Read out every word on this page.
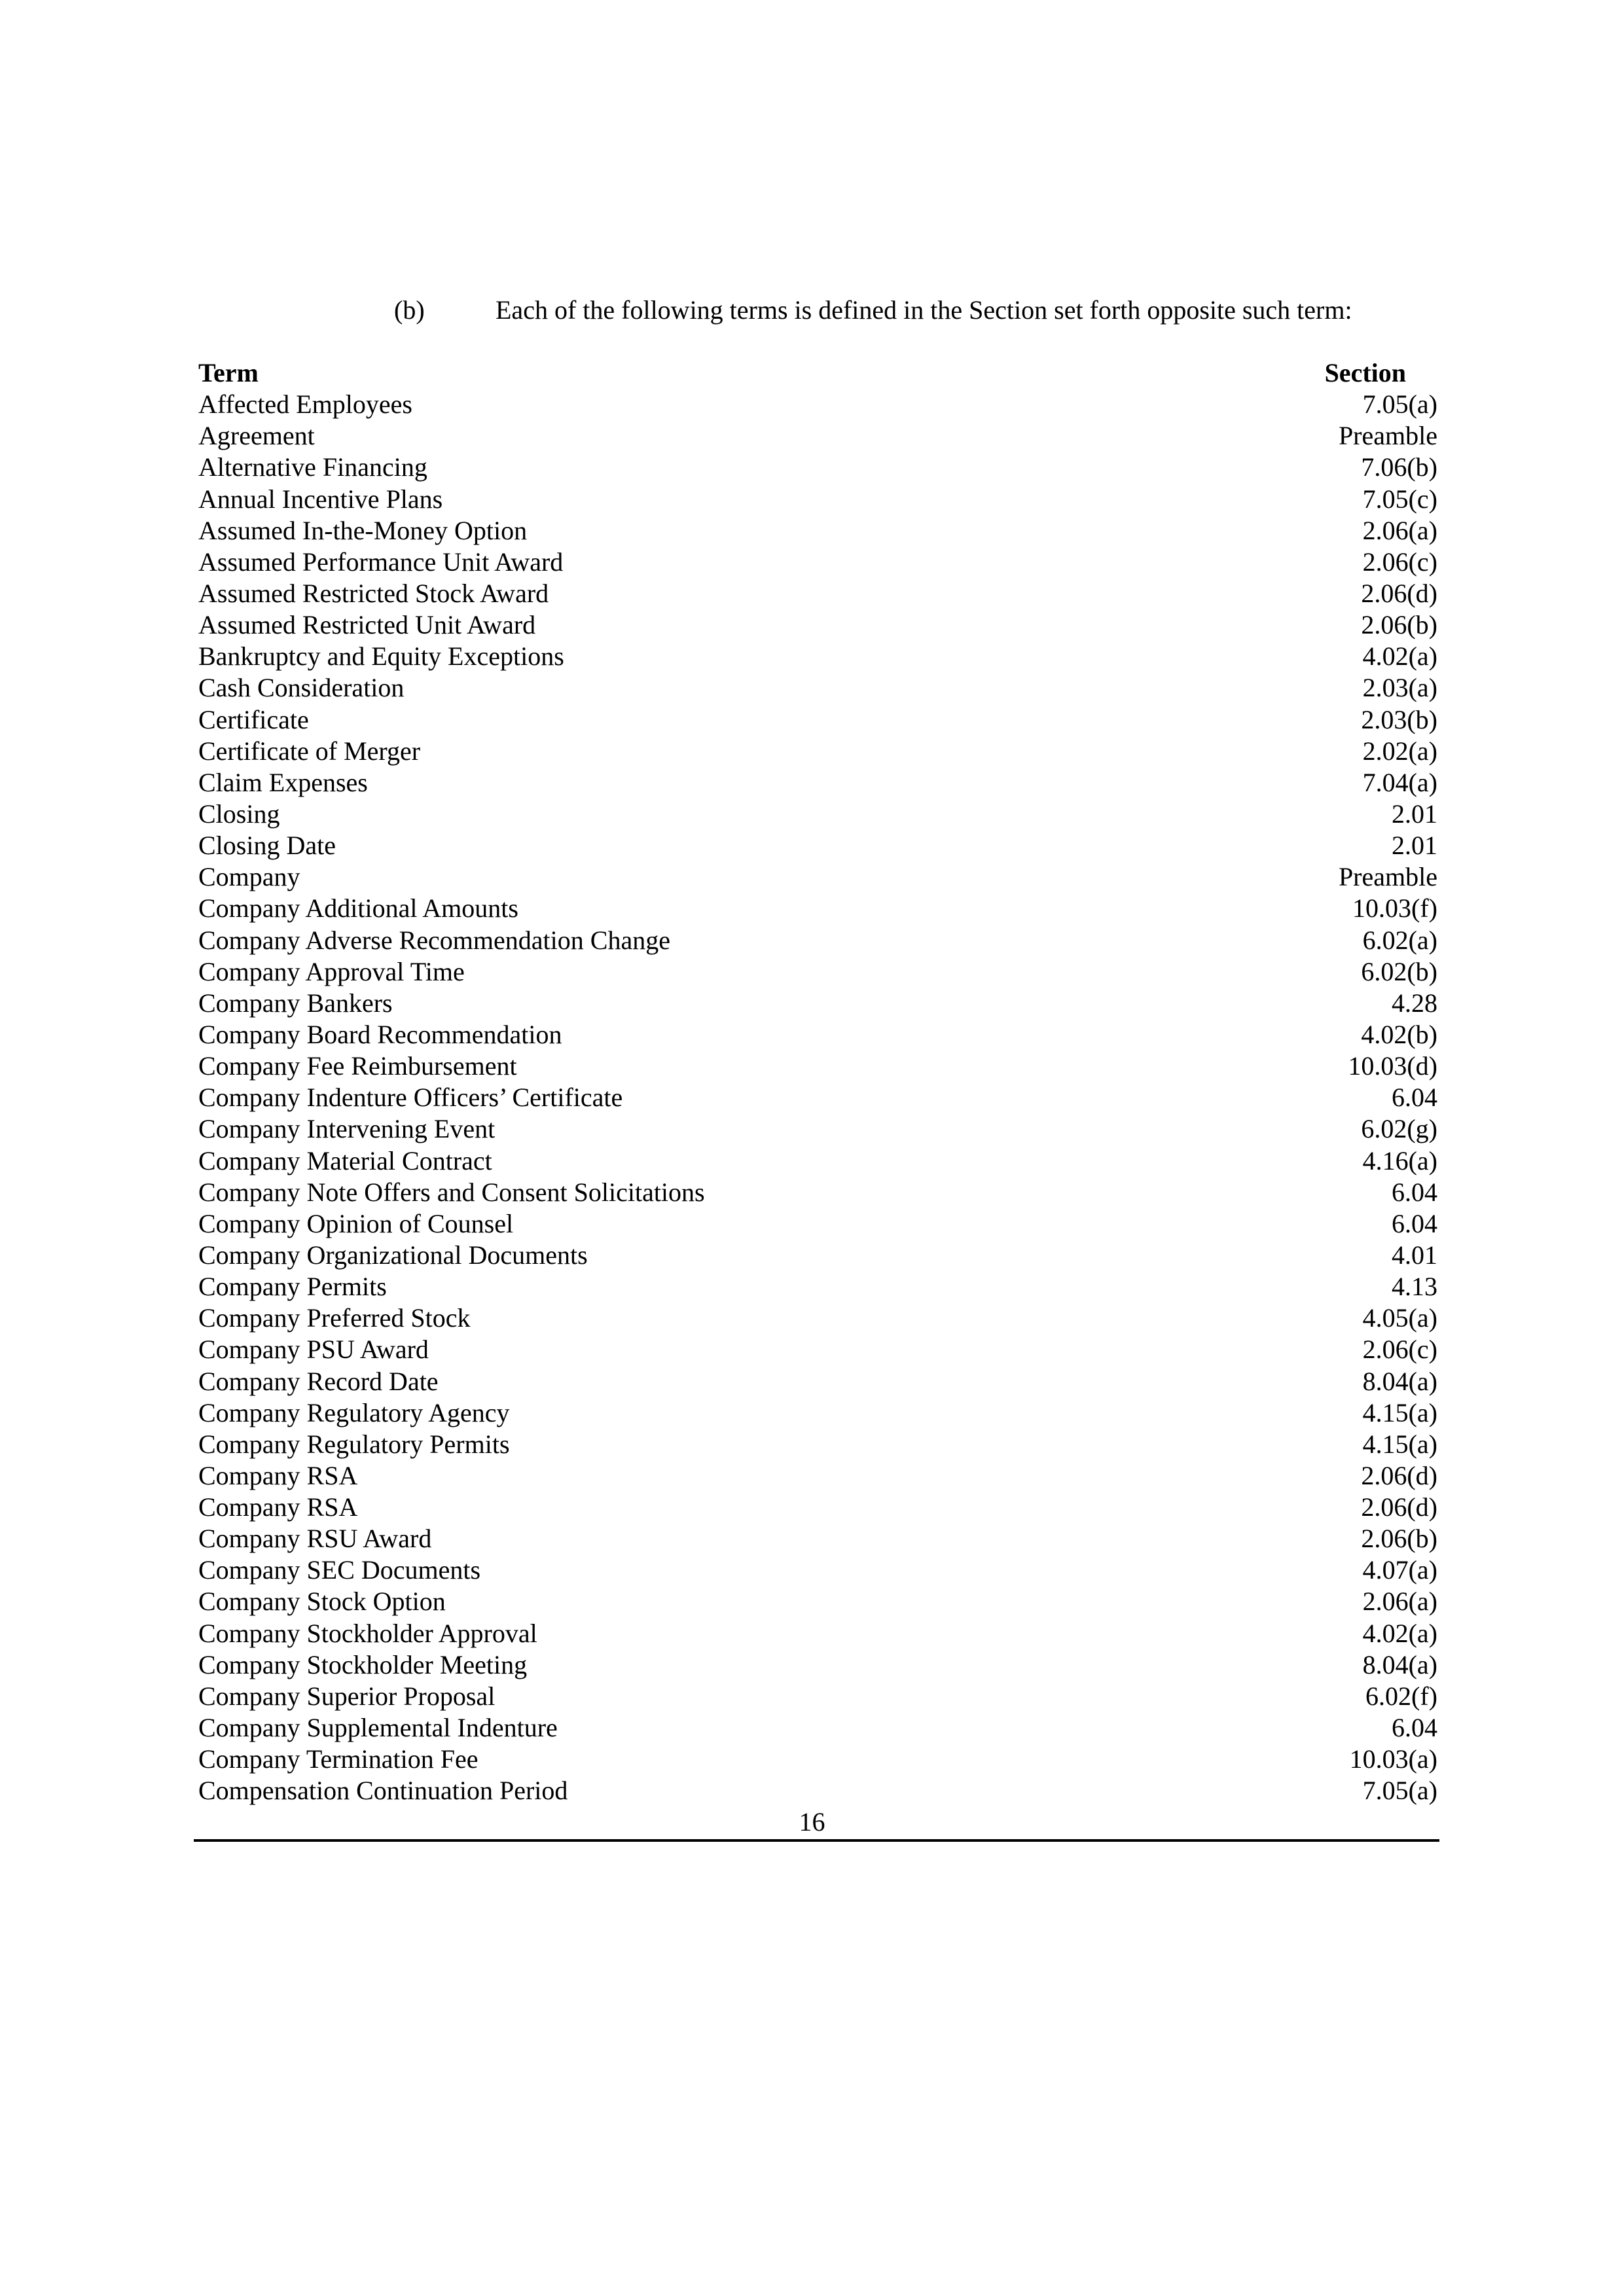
(b)	Each of the following terms is defined in the Section set forth opposite such term:
Term	Section
Affected Employees	7.05(a)
Agreement	Preamble
Alternative Financing	7.06(b)
Annual Incentive Plans	7.05(c)
Assumed In-the-Money Option	2.06(a)
Assumed Performance Unit Award	2.06(c)
Assumed Restricted Stock Award	2.06(d)
Assumed Restricted Unit Award	2.06(b)
Bankruptcy and Equity Exceptions	4.02(a)
Cash Consideration	2.03(a)
Certificate	2.03(b)
Certificate of Merger	2.02(a)
Claim Expenses	7.04(a)
Closing	2.01
Closing Date	2.01
Company	Preamble
Company Additional Amounts	10.03(f)
Company Adverse Recommendation Change	6.02(a)
Company Approval Time	6.02(b)
Company Bankers	4.28
Company Board Recommendation	4.02(b)
Company Fee Reimbursement	10.03(d)
Company Indenture Officers’ Certificate	6.04
Company Intervening Event	6.02(g)
Company Material Contract	4.16(a)
Company Note Offers and Consent Solicitations	6.04
Company Opinion of Counsel	6.04
Company Organizational Documents	4.01
Company Permits	4.13
Company Preferred Stock	4.05(a)
Company PSU Award	2.06(c)
Company Record Date	8.04(a)
Company Regulatory Agency	4.15(a)
Company Regulatory Permits	4.15(a)
Company RSA	2.06(d)
Company RSA	2.06(d)
Company RSU Award	2.06(b)
Company SEC Documents	4.07(a)
Company Stock Option	2.06(a)
Company Stockholder Approval	4.02(a)
Company Stockholder Meeting	8.04(a)
Company Superior Proposal	6.02(f)
Company Supplemental Indenture	6.04
Company Termination Fee	10.03(a)
Compensation Continuation Period	7.05(a)
16
